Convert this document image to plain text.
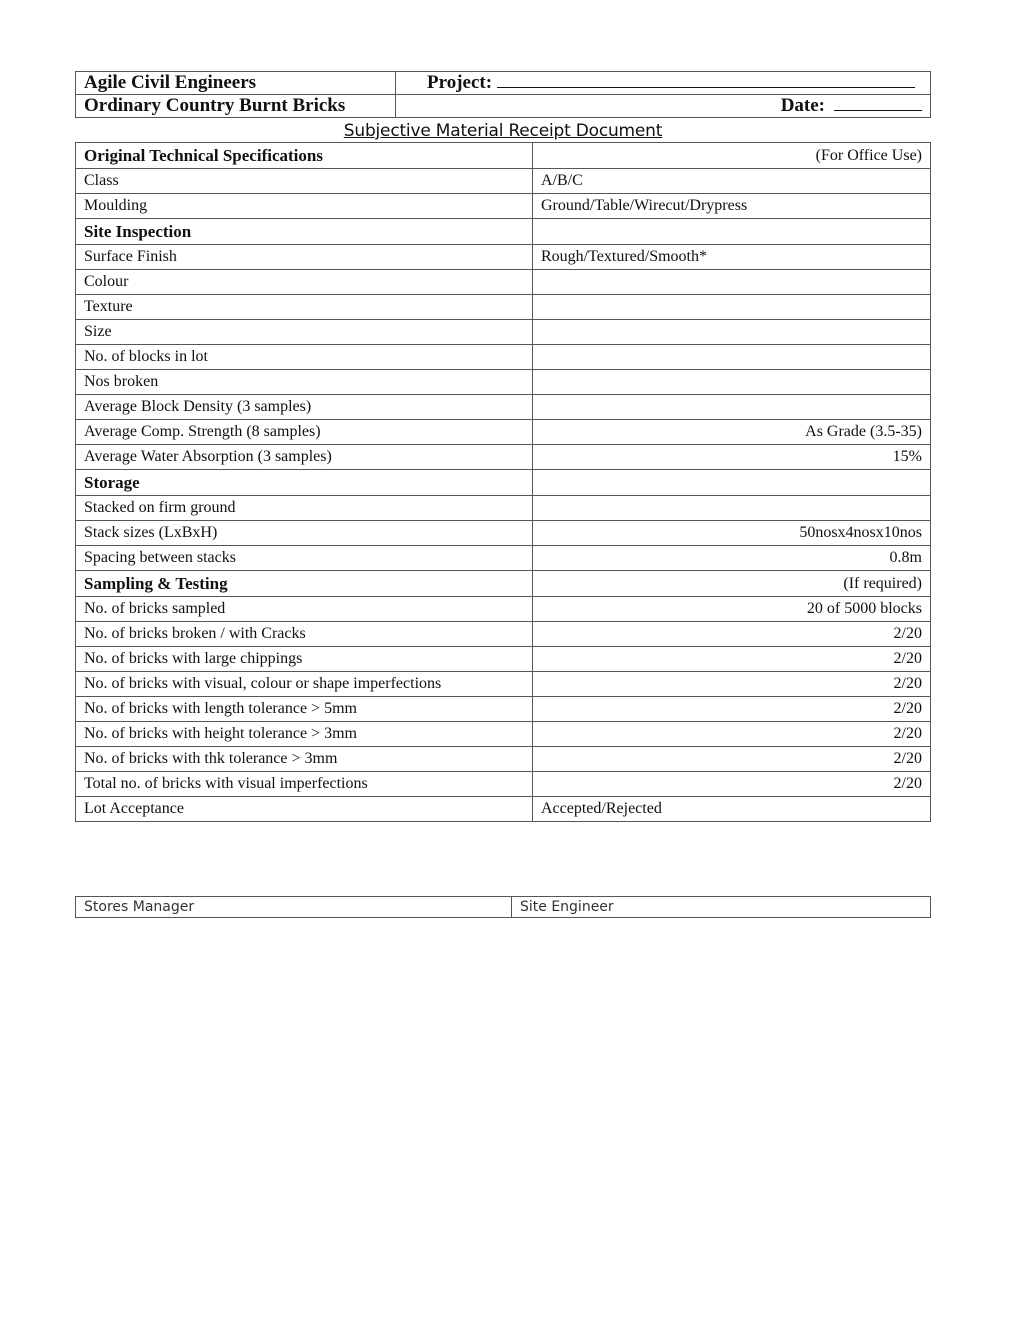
Agile Civil Engineers	Project:
Ordinary Country Burnt Bricks	Date:
Subjective Material Receipt Document
Original Technical Specifications	(For Office Use)
Class	A/B/C
Moulding	Ground/Table/Wirecut/Drypress
Site Inspection	
Surface Finish	Rough/Textured/Smooth*
Colour	
Texture	
Size	
No. of blocks in lot	
Nos broken	
Average Block Density (3 samples)	
Average Comp. Strength (8 samples)	As Grade (3.5-35)
Average Water Absorption (3 samples)	15%
Storage	
Stacked on firm ground	
Stack sizes (LxBxH)	50nosx4nosx10nos
Spacing between stacks	0.8m
Sampling & Testing	(If required)
No. of bricks sampled	20 of 5000 blocks
No. of bricks broken / with Cracks	2/20
No. of bricks with large chippings	2/20
No. of bricks with visual, colour or shape imperfections	2/20
No. of bricks with length tolerance > 5mm	2/20
No. of bricks with height tolerance > 3mm	2/20
No. of bricks with thk tolerance > 3mm	2/20
Total no. of bricks with visual imperfections	2/20
Lot Acceptance	Accepted/Rejected
Stores Manager	Site Engineer
